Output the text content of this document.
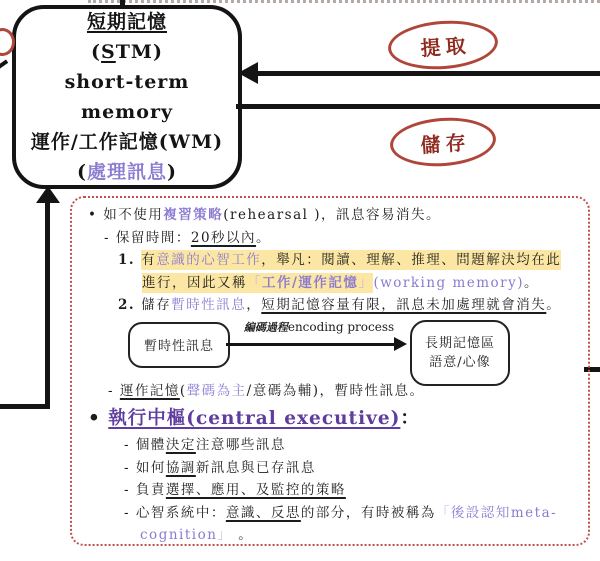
短期記憶
(STM)
short-term memory
運作/工作記憶(WM)
(處理訊息)
提取
儲存
• 如不使用複習策略(rehearsal )，訊息容易消失。
- 保留時間：20秒以內。
1. 有意識的心智工作，舉凡：閱讀、理解、推理、問題解決均在此
進行，因此又稱「工作/運作記憶」(working memory)。
2. 儲存暫時性訊息，短期記憶容量有限，訊息未加處理就會消失。
暫時性訊息
編碼過程encoding process
長期記憶區
語意/心像
- 運作記憶(聲碼為主/意碼為輔)，暫時性訊息。
• 執行中樞(central executive)：
- 個體決定注意哪些訊息
- 如何協調新訊息與已存訊息
- 負責選擇、應用、及監控的策略
- 心智系統中：意識、反思的部分，有時被稱為「後設認知meta-
cognition」 。
